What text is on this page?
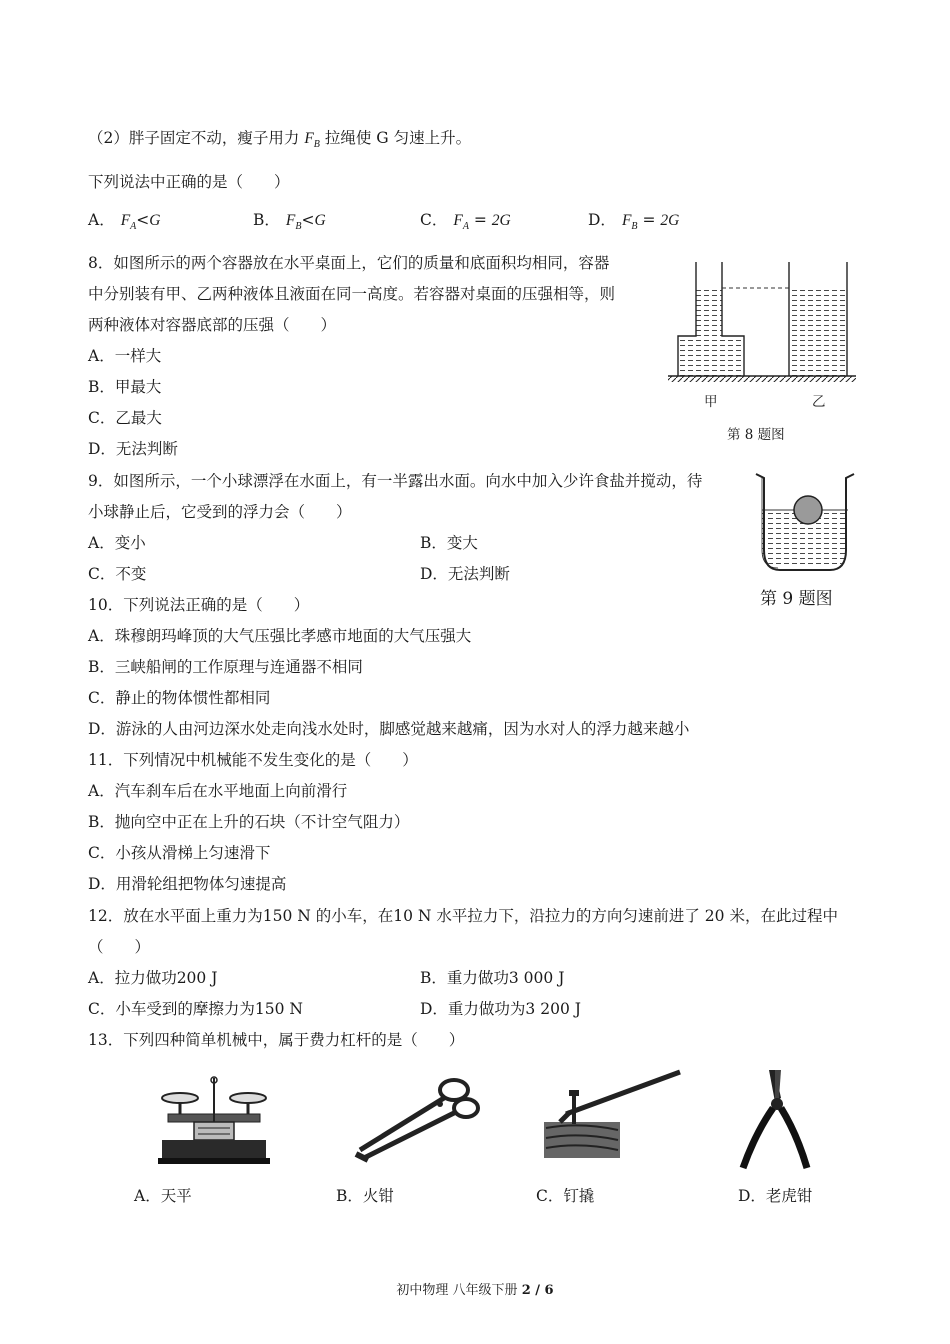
（2）胖子固定不动，瘦子用力 $F_B$ 拉绳使 G 匀速上升。
下列说法中正确的是（　　）
A． $F_A<G$	B． $F_B<G$	C． $F_A = 2G$	D． $F_B = 2G$
8．如图所示的两个容器放在水平桌面上，它们的质量和底面积均相同，容器
中分别装有甲、乙两种液体且液面在同一高度。若容器对桌面的压强相等，则
两种液体对容器底部的压强（　　）
A．一样大
B．甲最大
C．乙最大
D．无法判断
甲	乙
第 8 题图
9．如图所示，一个小球漂浮在水面上，有一半露出水面。向水中加入少许食盐并搅动，待
小球静止后，它受到的浮力会（　　）
A．变小	B．变大
C．不变	D．无法判断
第 9 题图
10．下列说法正确的是（　　）
A．珠穆朗玛峰顶的大气压强比孝感市地面的大气压强大
B．三峡船闸的工作原理与连通器不相同
C．静止的物体惯性都相同
D．游泳的人由河边深水处走向浅水处时，脚感觉越来越痛，因为水对人的浮力越来越小
11．下列情况中机械能不发生变化的是（　　）
A．汽车刹车后在水平地面上向前滑行
B．抛向空中正在上升的石块（不计空气阻力）
C．小孩从滑梯上匀速滑下
D．用滑轮组把物体匀速提高
12．放在水平面上重力为150 N 的小车，在10 N 水平拉力下，沿拉力的方向匀速前进了 20 米，在此过程中
（　　）
A．拉力做功200 J	B．重力做功3 000 J
C．小车受到的摩擦力为150 N	D．重力做功为3 200 J
13．下列四种简单机械中，属于费力杠杆的是（　　）
A．天平	B．火钳	C．钉撬	D．老虎钳
初中物理 八年级下册 2 / 6
